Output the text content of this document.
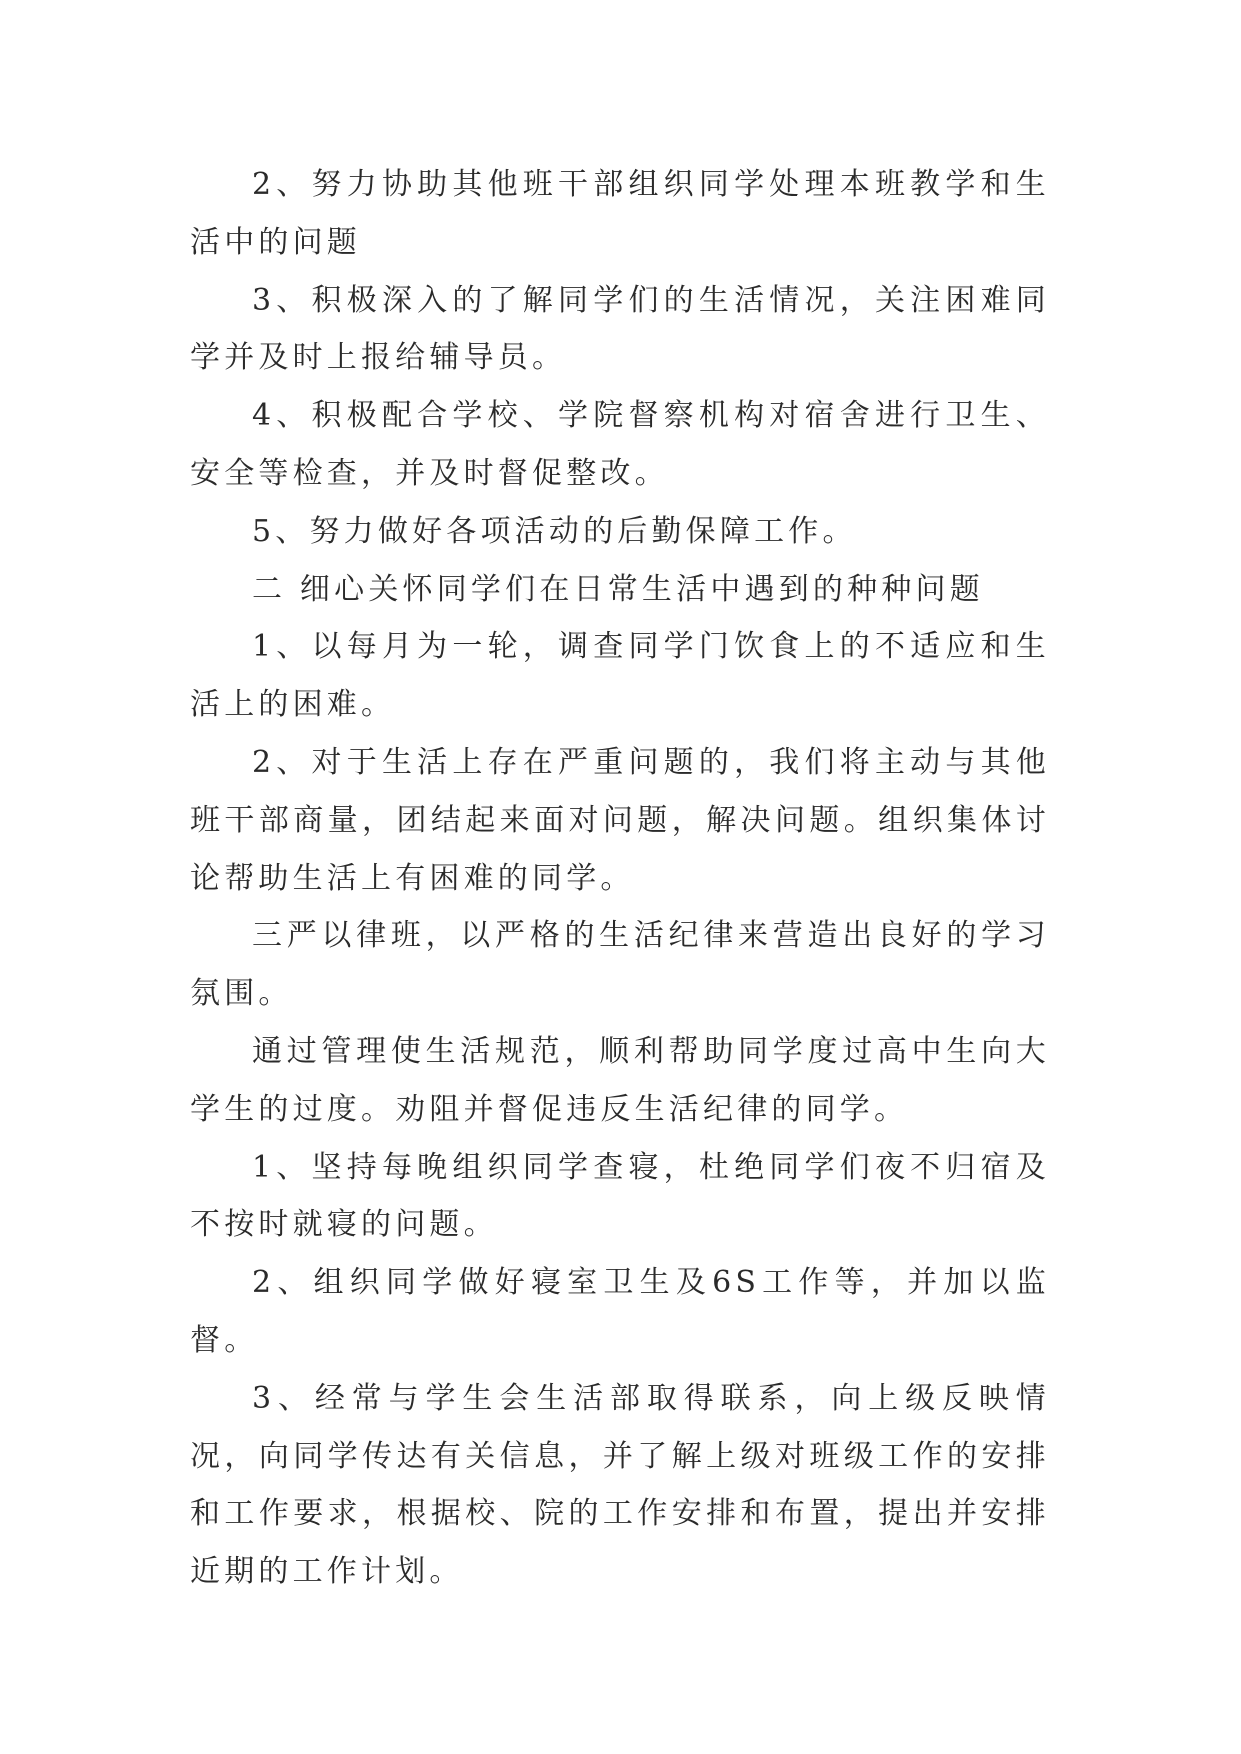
2、努力协助其他班干部组织同学处理本班教学和生活中的问题

3、积极深入的了解同学们的生活情况，关注困难同学并及时上报给辅导员。

4、积极配合学校、学院督察机构对宿舍进行卫生、安全等检查，并及时督促整改。

5、努力做好各项活动的后勤保障工作。

二 细心关怀同学们在日常生活中遇到的种种问题

1、以每月为一轮，调查同学门饮食上的不适应和生活上的困难。

2、对于生活上存在严重问题的，我们将主动与其他班干部商量，团结起来面对问题，解决问题。组织集体讨论帮助生活上有困难的同学。

三严以律班，以严格的生活纪律来营造出良好的学习氛围。

通过管理使生活规范，顺利帮助同学度过高中生向大学生的过度。劝阻并督促违反生活纪律的同学。

1、坚持每晚组织同学查寝，杜绝同学们夜不归宿及不按时就寝的问题。

2、组织同学做好寝室卫生及6S工作等，并加以监督。

3、经常与学生会生活部取得联系，向上级反映情况，向同学传达有关信息，并了解上级对班级工作的安排和工作要求，根据校、院的工作安排和布置，提出并安排近期的工作计划。
